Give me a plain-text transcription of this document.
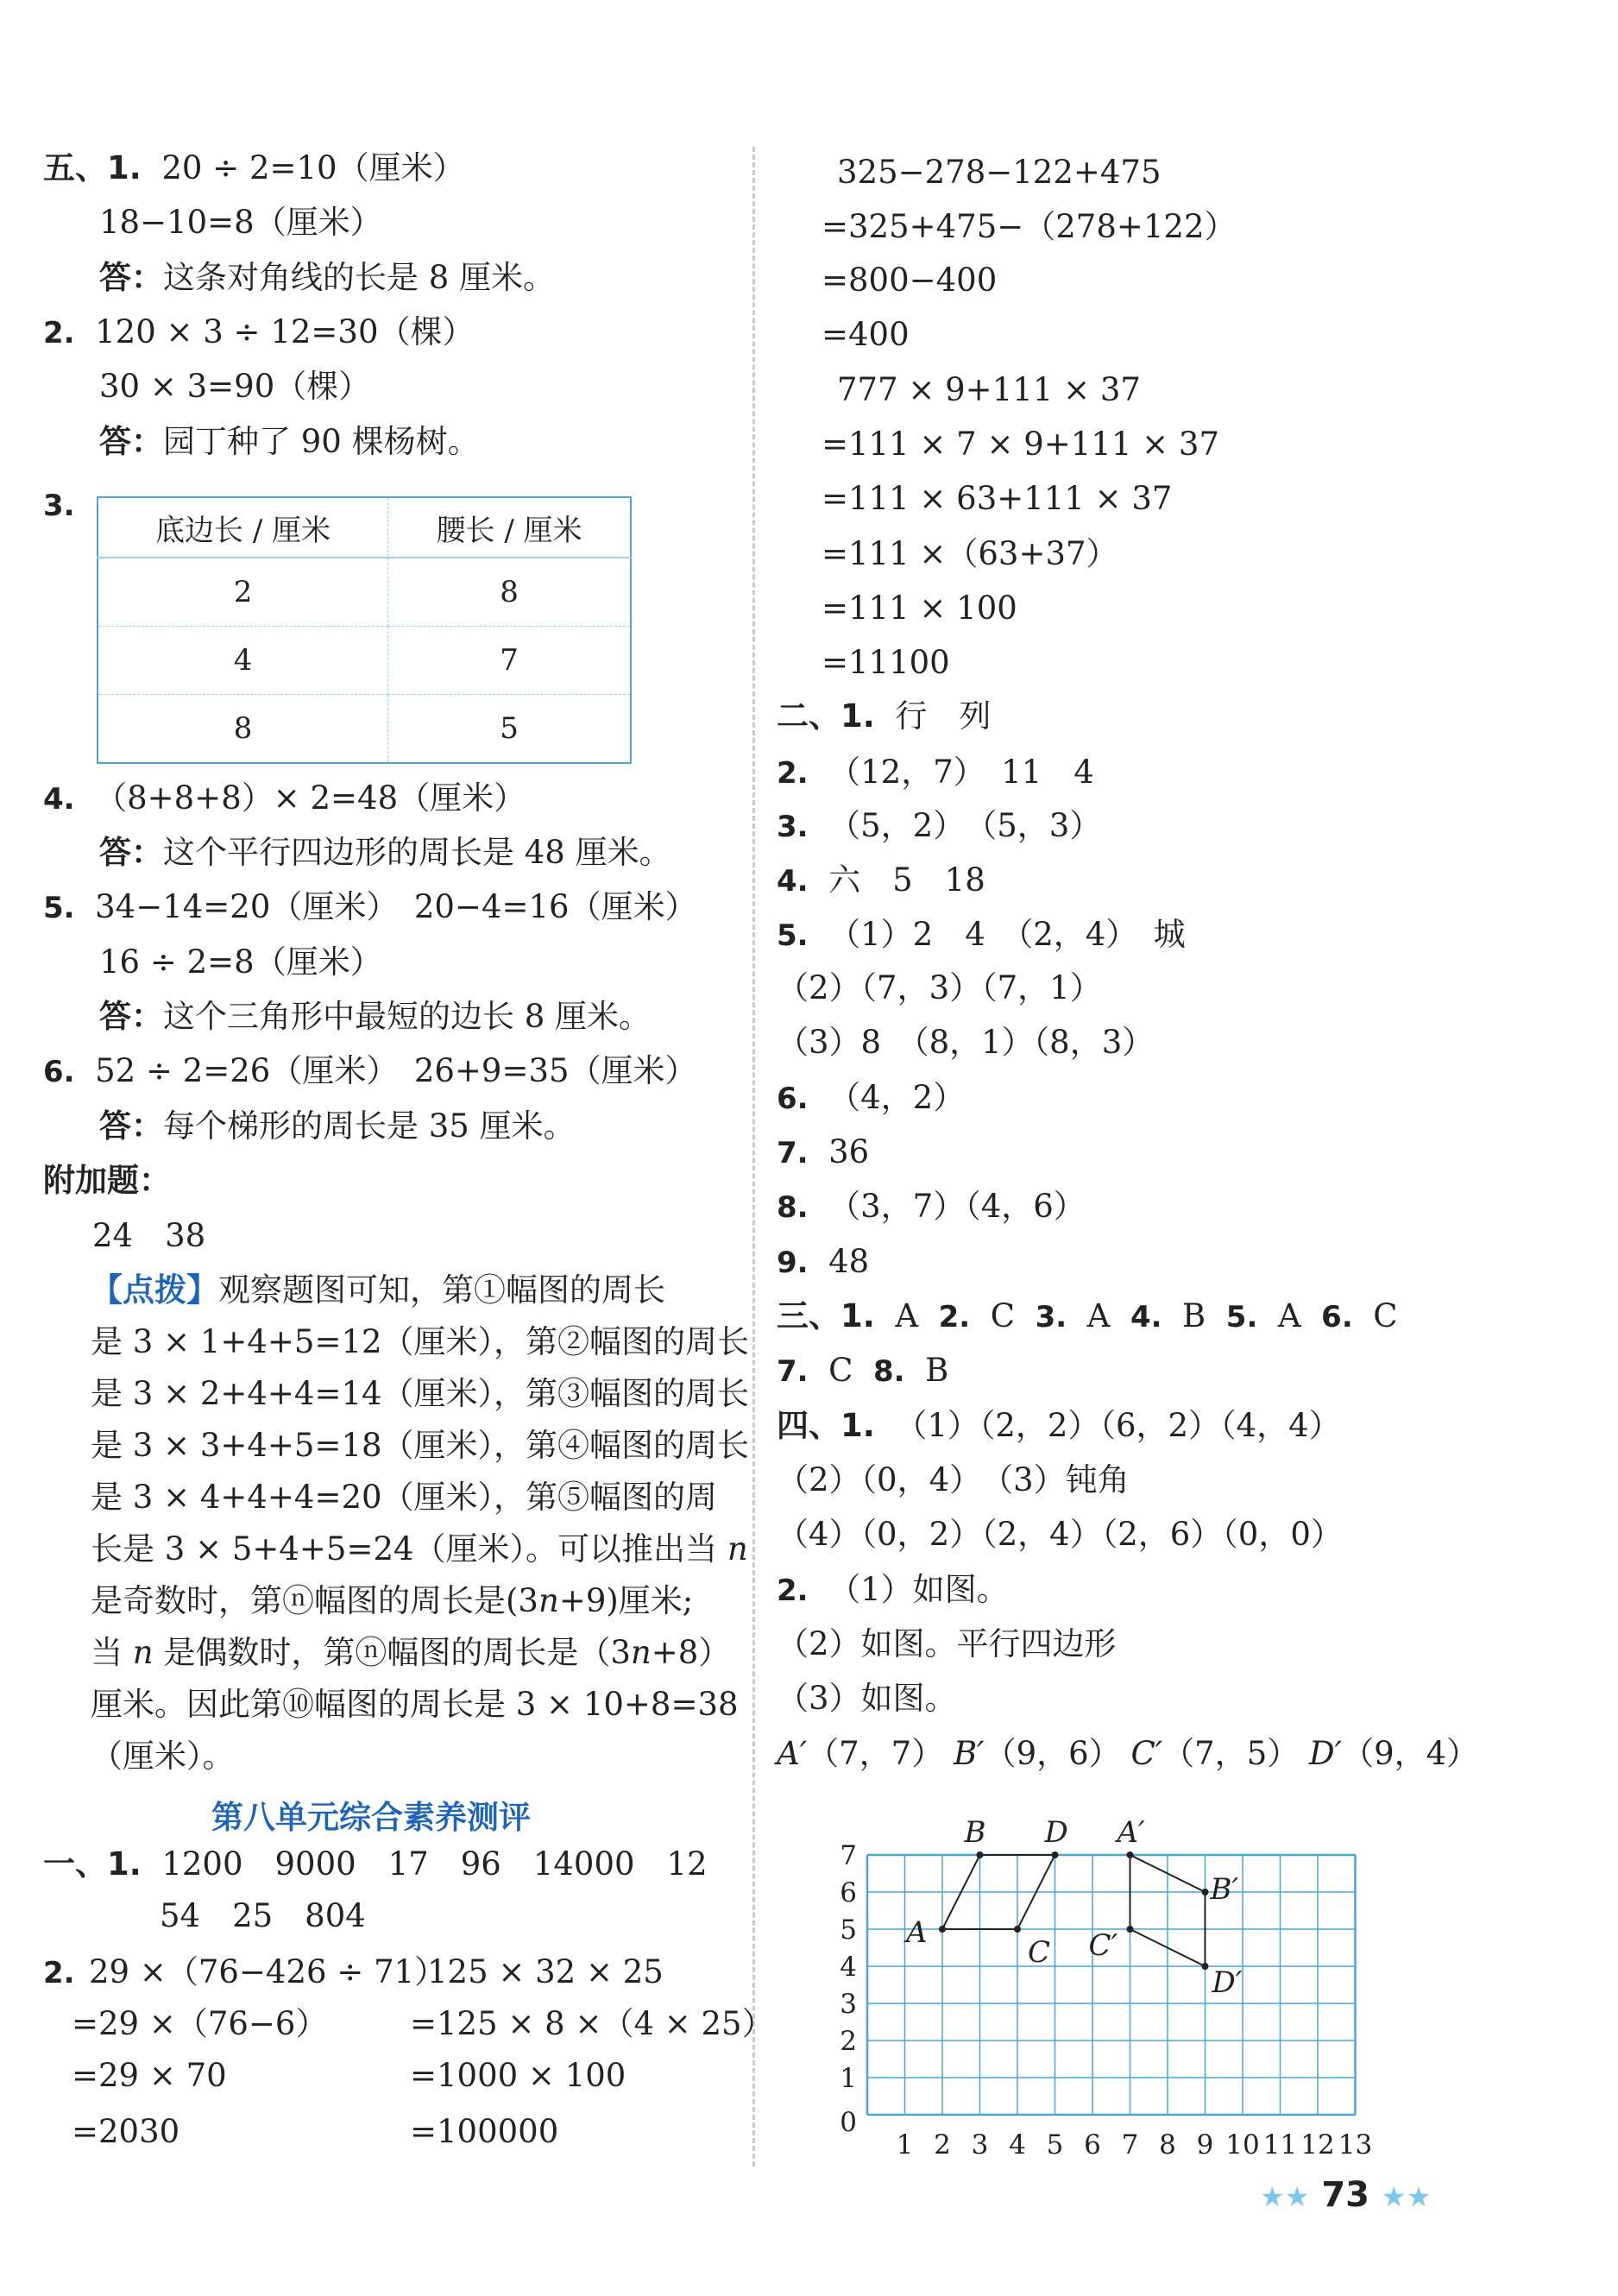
五、1. 20 ÷ 2=10（厘米）
18−10=8（厘米）
答：这条对角线的长是 8 厘米。
2. 120 × 3 ÷ 12=30（棵）
30 × 3=90（棵）
答：园丁种了 90 棵杨树。
3.
底边长 / 厘米	腰长 / 厘米
2	8
4	7
8	5
4. （8+8+8）× 2=48（厘米）
答：这个平行四边形的周长是 48 厘米。
5. 34−14=20（厘米）　20−4=16（厘米）
16 ÷ 2=8（厘米）
答：这个三角形中最短的边长 8 厘米。
6. 52 ÷ 2=26（厘米）　26+9=35（厘米）
答：每个梯形的周长是 35 厘米。
附加题：
24　38
【点拨】观察题图可知，第①幅图的周长
是 3 × 1+4+5=12（厘米），第②幅图的周长
是 3 × 2+4+4=14（厘米），第③幅图的周长
是 3 × 3+4+5=18（厘米），第④幅图的周长
是 3 × 4+4+4=20（厘米），第⑤幅图的周
长是 3 × 5+4+5=24（厘米）。可以推出当 n
是奇数时，第ⓝ幅图的周长是(3n+9)厘米;
当 n 是偶数时，第ⓝ幅图的周长是（3n+8）
厘米。因此第⑩幅图的周长是 3 × 10+8=38
（厘米）。
第八单元综合素养测评
一、1. 1200　9000　17　96　14000　12
54　25　804
2. 29 ×（76−426 ÷ 71）
=29 ×（76−6）
=29 × 70
=2030
125 × 32 × 25
=125 × 8 ×（4 × 25）
=1000 × 100
=100000
325−278−122+475
=325+475−（278+122）
=800−400
=400
777 × 9+111 × 37
=111 × 7 × 9+111 × 37
=111 × 63+111 × 37
=111 ×（63+37）
=111 × 100
=11100
二、1. 行　列
2. （12，7）　11　4
3. （5，2）　（5，3）
4. 六　5　18
5. （1）2　4　（2，4）　城
（2）（7，3）（7，1）
（3）8　（8，1）（8，3）
6. （4，2）
7. 36
8. （3，7）（4，6）
9. 48
三、1. A 2. C 3. A 4. B 5. A 6. C
7. C 8. B
四、1. （1）（2，2）（6，2）（4，4）
（2）（0，4）　（3）钝角
（4）（0，2）（2，4）（2，6）（0，0）
2. （1）如图。
（2）如图。平行四边形
（3）如图。
A′（7，7） B′（9，6） C′（7，5） D′（9，4）
A
B
C
D A′
B′
C′
D′
1 2 3 4 5 6 7 8 9 10 11 12 13
0
1
2
3
4
5
6
7
★★ 73 ★★
